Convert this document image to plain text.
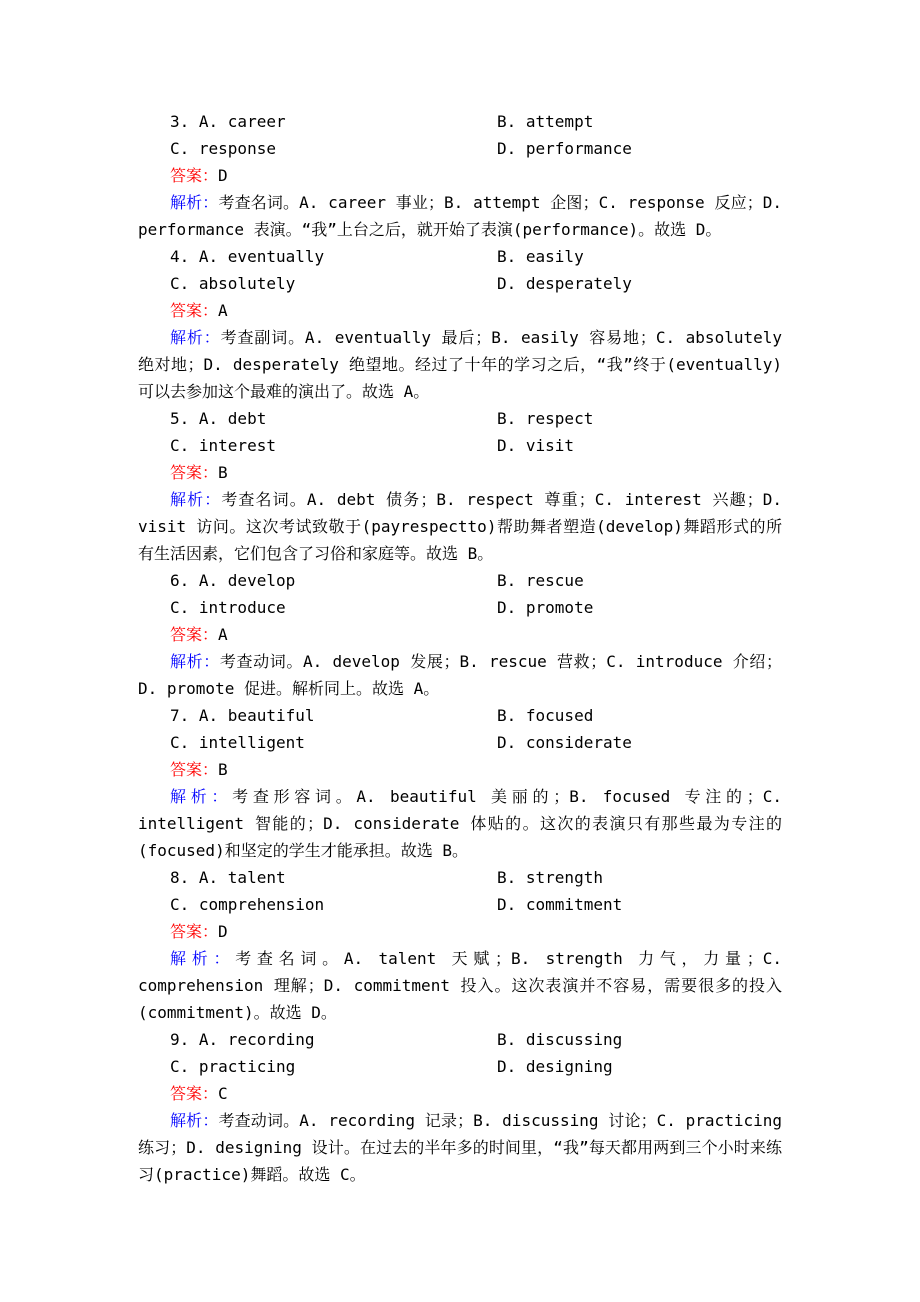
3. A. career	B. attempt
C. response	D. performance
答案：D

解析：考查名词。A. career 事业；B. attempt 企图；C. response 反应；D. performance 表演。“我”上台之后，就开始了表演(performance)。故选 D。

4. A. eventually	B. easily
C. absolutely	D. desperately
答案：A

解析：考查副词。A. eventually 最后；B. easily 容易地；C. absolutely 绝对地；D. desperately 绝望地。经过了十年的学习之后，“我”终于(eventually)可以去参加这个最难的演出了。故选 A。

5. A. debt	B. respect
C. interest	D. visit
答案：B

解析：考查名词。A. debt 债务；B. respect 尊重；C. interest 兴趣；D. visit 访问。这次考试致敬于(payrespectto)帮助舞者塑造(develop)舞蹈形式的所有生活因素，它们包含了习俗和家庭等。故选 B。

6. A. develop	B. rescue
C. introduce	D. promote
答案：A

解析：考查动词。A. develop 发展；B. rescue 营救；C. introduce 介绍；D. promote 促进。解析同上。故选 A。

7. A. beautiful	B. focused
C. intelligent	D. considerate
答案：B

解析：考查形容词。A. beautiful 美丽的；B. focused 专注的；C. intelligent 智能的；D. considerate 体贴的。这次的表演只有那些最为专注的(focused)和坚定的学生才能承担。故选 B。

8. A. talent	B. strength
C. comprehension	D. commitment
答案：D

解析：考查名词。A. talent 天赋；B. strength 力气，力量；C. comprehension 理解；D. commitment 投入。这次表演并不容易，需要很多的投入(commitment)。故选 D。

9. A. recording	B. discussing
C. practicing	D. designing
答案：C

解析：考查动词。A. recording 记录；B. discussing 讨论；C. practicing 练习；D. designing 设计。在过去的半年多的时间里，“我”每天都用两到三个小时来练习(practice)舞蹈。故选 C。
